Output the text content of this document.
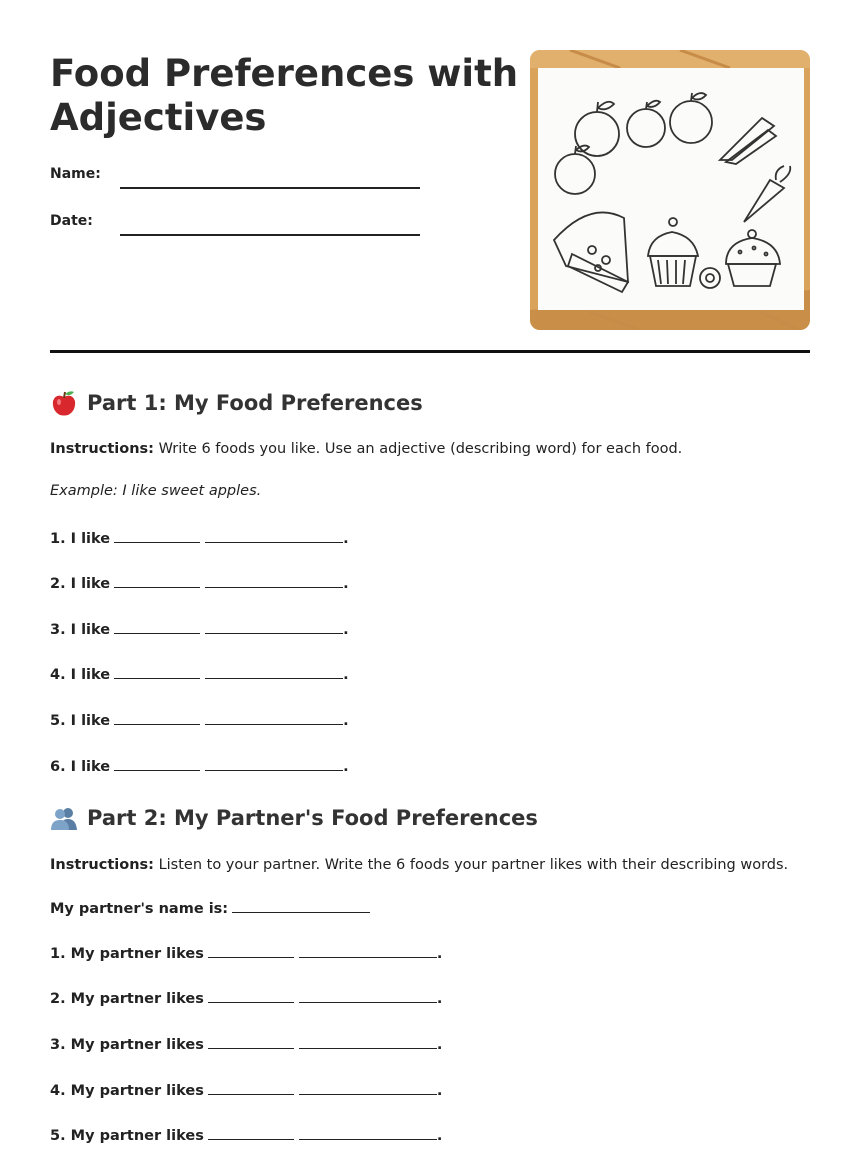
Food Preferences with Adjectives
Name:
Date:
Part 1: My Food Preferences
Instructions: Write 6 foods you like. Use an adjective (describing word) for each food.
Example: I like sweet apples.
1. I like	.
2. I like	.
3. I like	.
4. I like	.
5. I like	.
6. I like	.
Part 2: My Partner's Food Preferences
Instructions: Listen to your partner. Write the 6 foods your partner likes with their describing words.
My partner's name is:
1. My partner likes	.
2. My partner likes	.
3. My partner likes	.
4. My partner likes	.
5. My partner likes	.
